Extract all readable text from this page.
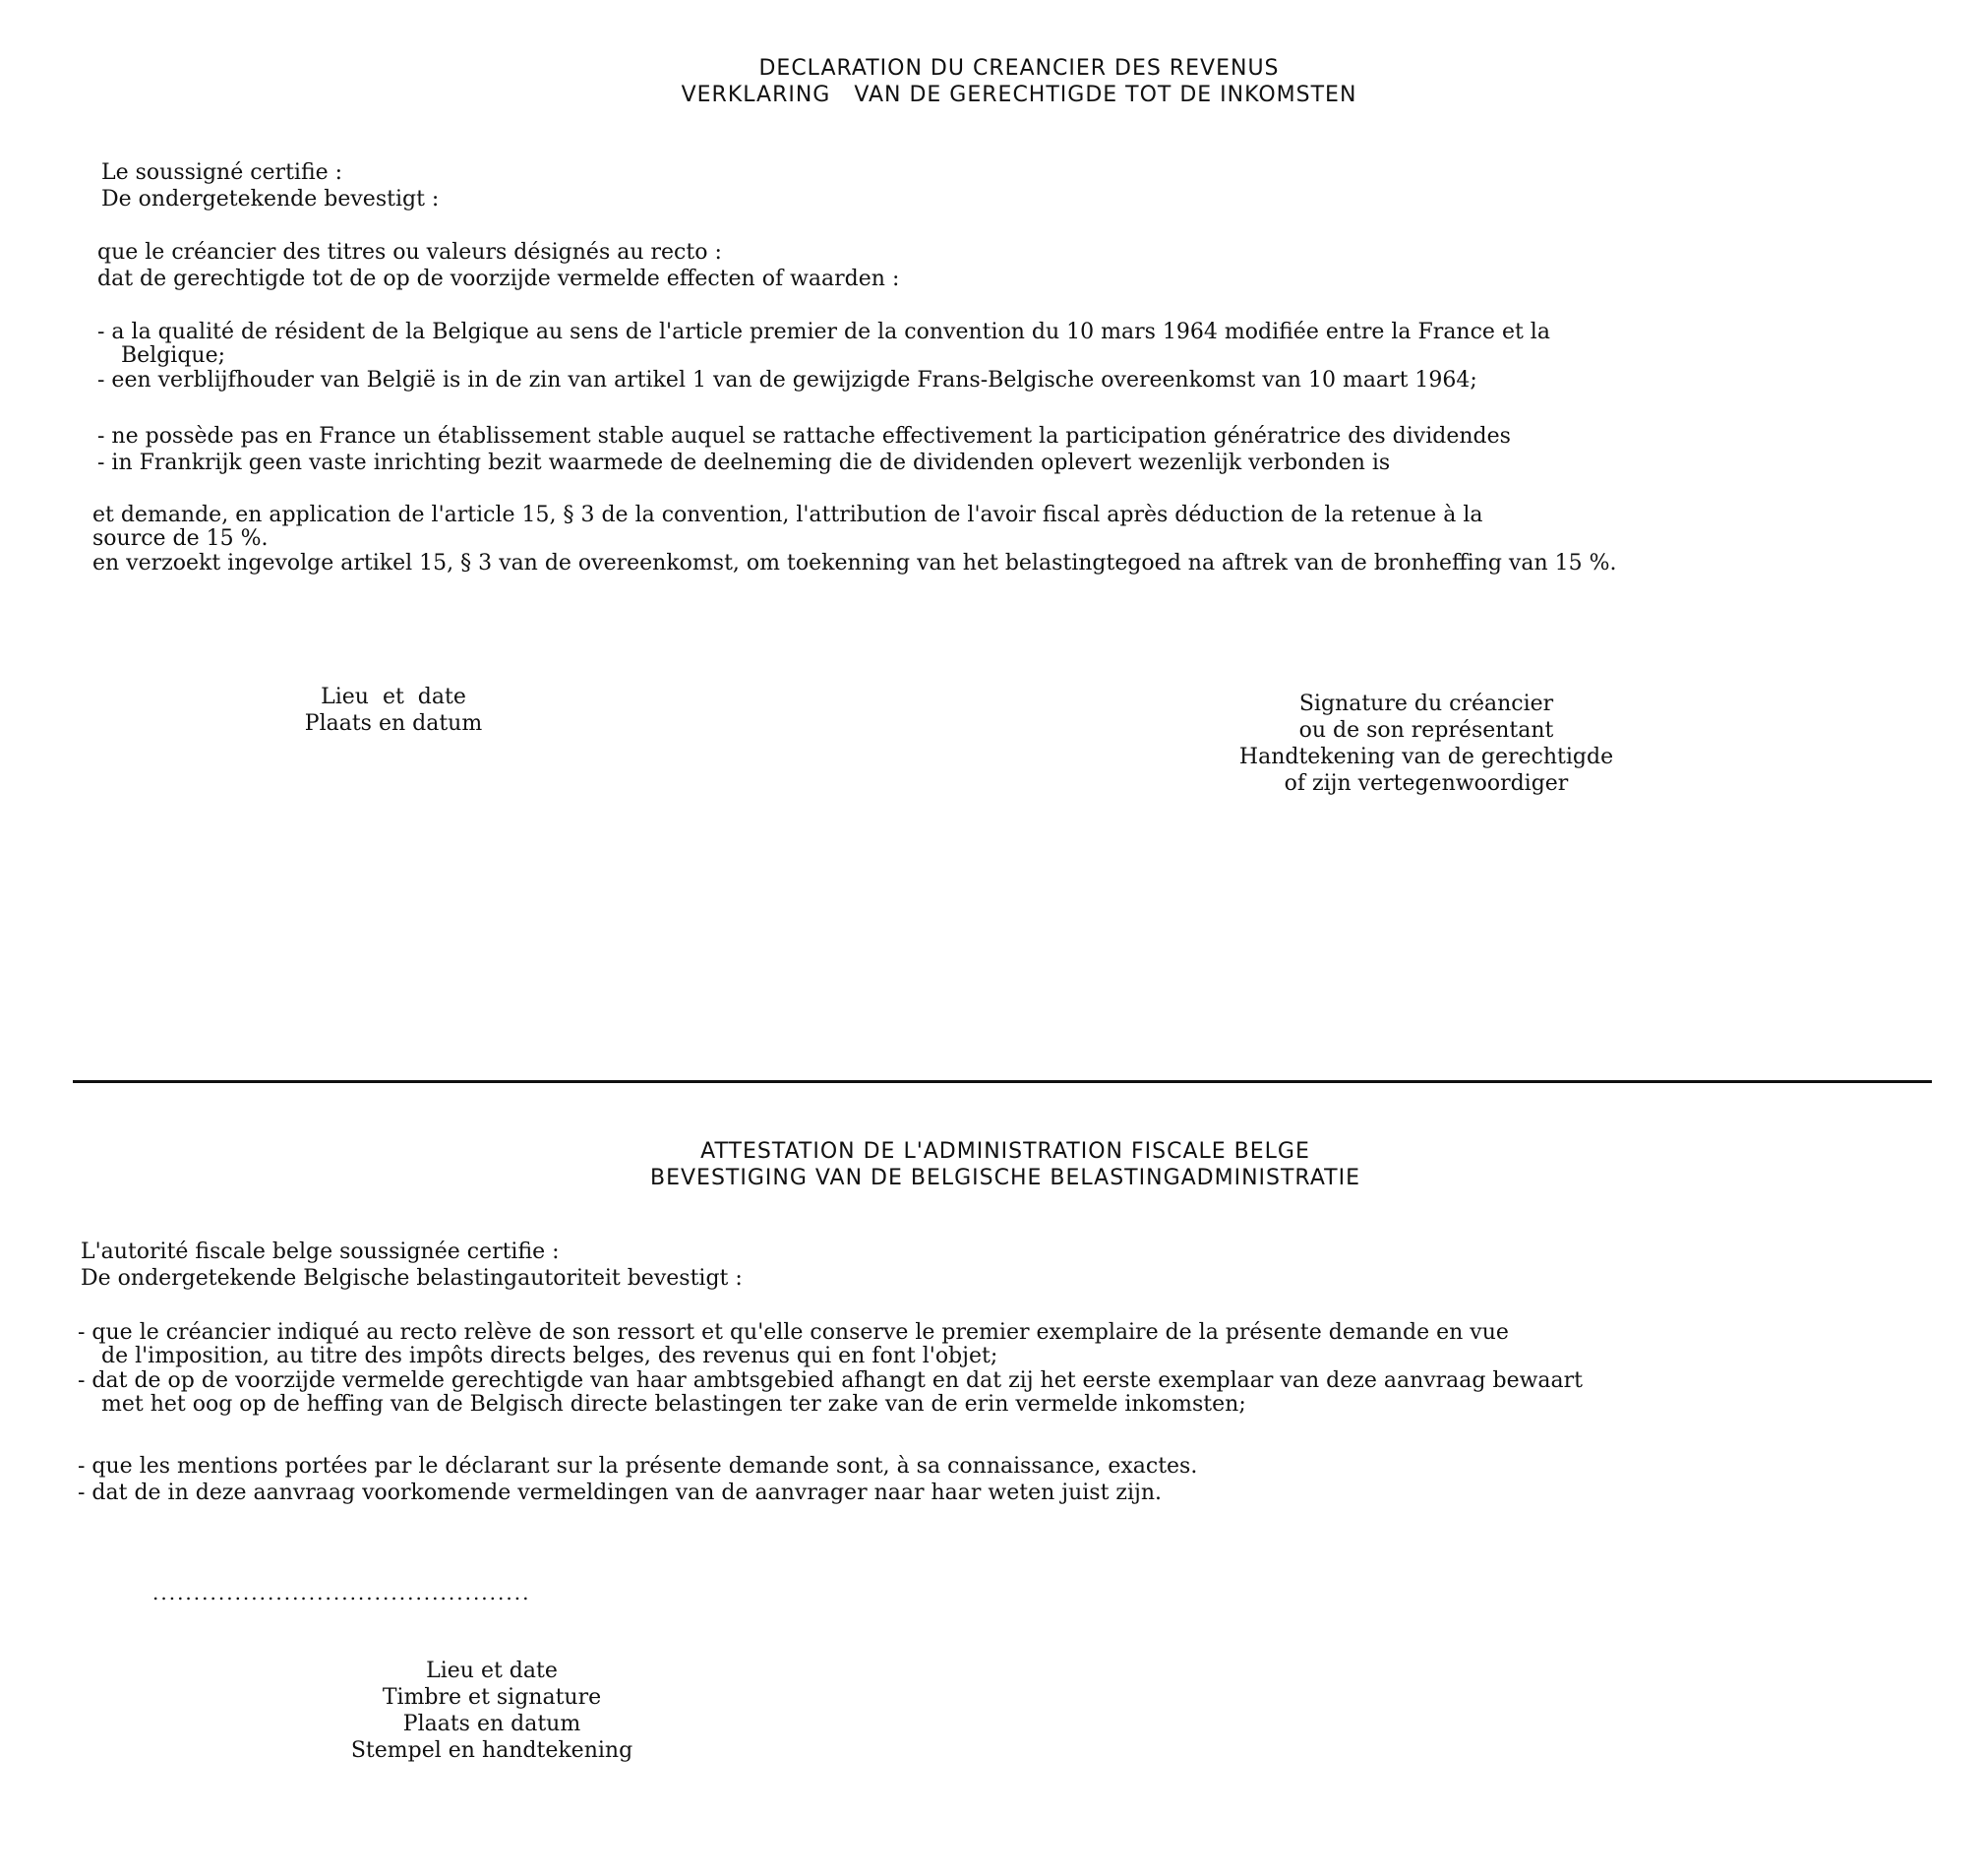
DECLARATION DU CREANCIER DES REVENUS
VERKLARING   VAN DE GERECHTIGDE TOT DE INKOMSTEN
Le soussigné certifie :
De ondergetekende bevestigt :
que le créancier des titres ou valeurs désignés au recto :
dat de gerechtigde tot de op de voorzijde vermelde effecten of waarden :
- a la qualité de résident de la Belgique au sens de l'article premier de la convention du 10 mars 1964 modifiée entre la France et la
Belgique;
- een verblijfhouder van België is in de zin van artikel 1 van de gewijzigde Frans-Belgische overeenkomst van 10 maart 1964;
- ne possède pas en France un établissement stable auquel se rattache effectivement la participation génératrice des dividendes
- in Frankrijk geen vaste inrichting bezit waarmede de deelneming die de dividenden oplevert wezenlijk verbonden is
et demande, en application de l'article 15, § 3 de la convention, l'attribution de l'avoir fiscal après déduction de la retenue à la
source de 15 %.
en verzoekt ingevolge artikel 15, § 3 van de overeenkomst, om toekenning van het belastingtegoed na aftrek van de bronheffing van 15 %.
Lieu  et  date
Plaats en datum
Signature du créancier
ou de son représentant
Handtekening van de gerechtigde
of zijn vertegenwoordiger
ATTESTATION DE L'ADMINISTRATION FISCALE BELGE
BEVESTIGING VAN DE BELGISCHE BELASTINGADMINISTRATIE
L'autorité fiscale belge soussignée certifie :
De ondergetekende Belgische belastingautoriteit bevestigt :
- que le créancier indiqué au recto relève de son ressort et qu'elle conserve le premier exemplaire de la présente demande en vue
de l'imposition, au titre des impôts directs belges, des revenus qui en font l'objet;
- dat de op de voorzijde vermelde gerechtigde van haar ambtsgebied afhangt en dat zij het eerste exemplaar van deze aanvraag bewaart
met het oog op de heffing van de Belgisch directe belastingen ter zake van de erin vermelde inkomsten;
- que les mentions portées par le déclarant sur la présente demande sont, à sa connaissance, exactes.
- dat de in deze aanvraag voorkomende vermeldingen van de aanvrager naar haar weten juist zijn.
..............................................
Lieu et date
Timbre et signature
Plaats en datum
Stempel en handtekening
